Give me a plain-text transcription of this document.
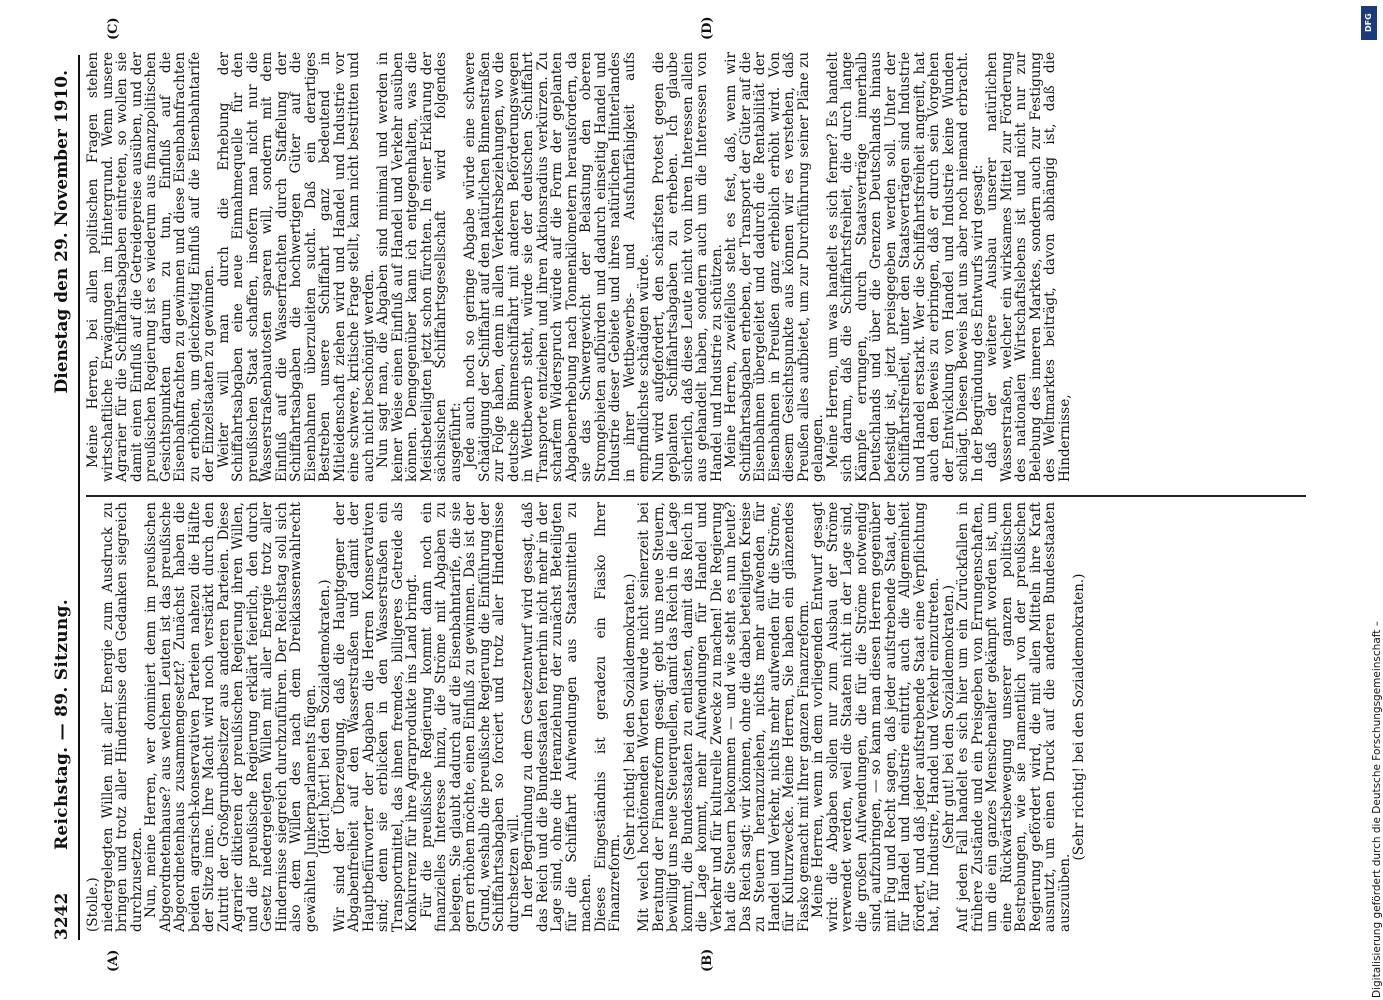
3242
Reichstag. — 89. Sitzung.
Dienstag den 29. November 1910.
(A)	(B)
(C)	(D)

(Stolle.)

niedergelegten Willen mit aller Energie zum Ausdruck zu bringen und trotz aller Hindernisse den Gedanken siegreich durchzusetzen.

Nun, meine Herren, wer dominiert denn im preußischen Abgeordnetenhause? aus welchen Leuten ist das preußische Abgeordnetenhaus zusammengesetzt? Zunächst haben die beiden agrarisch-konservativen Parteien nahezu die Hälfte der Sitze inne. Ihre Macht wird noch verstärkt durch den Zutritt der Großgrundbesitzer aus anderen Parteien. Diese Agrarier diktieren der preußischen Regierung ihren Willen, und die preußische Regierung erklärt feierlich, den durch Gesetz niedergelegten Willen mit aller Energie trotz aller Hindernisse siegreich durchzuführen. Der Reichstag soll sich also dem Willen des nach dem Dreiklassenwahlrecht gewählten Junkerparlaments fügen.

(Hört! hört! bei den Sozialdemokraten.)

Wir sind der Überzeugung, daß die Hauptgegner der Abgabenfreiheit auf den Wasserstraßen und damit der Hauptbefürworter der Abgaben die Herren Konservativen sind; denn sie erblicken in den Wasserstraßen ein Transportmittel, das ihnen fremdes, billigeres Getreide als Konkurrenz für ihre Agrarprodukte ins Land bringt.

Für die preußische Regierung kommt dann noch ein finanzielles Interesse hinzu, die Ströme mit Abgaben zu belegen. Sie glaubt dadurch auf die Eisenbahntarife, die sie gern erhöhen möchte, einen Einfluß zu gewinnen. Das ist der Grund, weshalb die preußische Regierung die Einführung der Schiffahrtsabgaben so forciert und trotz aller Hindernisse durchsetzen will.

In der Begründung zu dem Gesetzentwurf wird gesagt, daß das Reich und die Bundesstaaten fernerhin nicht mehr in der Lage sind, ohne die Heranziehung der zunächst Beteiligten für die Schiffahrt Aufwendungen aus Staatsmitteln zu machen.

Dieses Eingeständnis ist geradezu ein Fiasko Ihrer Finanzreform.

(Sehr richtig! bei den Sozialdemokraten.)

Mit welch hochtönenden Worten wurde nicht seinerzeit bei Beratung der Finanzreform gesagt: gebt uns neue Steuern, bewilligt uns neue Steuerquellen, damit das Reich in die Lage kommt, die Bundesstaaten zu entlasten, damit das Reich in die Lage kommt, mehr Aufwendungen für Handel und Verkehr und für kulturelle Zwecke zu machen! Die Regierung hat die Steuern bekommen — und wie steht es nun heute? Das Reich sagt: wir können, ohne die dabei beteiligten Kreise zu Steuern heranzuziehen, nichts mehr aufwenden für Handel und Verkehr, nichts mehr aufwenden für die Ströme, für Kulturzwecke. Meine Herren, Sie haben ein glänzendes Fiasko gemacht mit Ihrer ganzen Finanzreform.

Meine Herren, wenn in dem vorliegenden Entwurf gesagt wird: die Abgaben sollen nur zum Ausbau der Ströme verwendet werden, weil die Staaten nicht in der Lage sind, die großen Aufwendungen, die für die Ströme notwendig sind, aufzubringen, — so kann man diesen Herren gegenüber mit Fug und Recht sagen, daß jeder aufstrebende Staat, der für Handel und Industrie eintritt, auch die Allgemeinheit fördert, und daß jeder aufstrebende Staat eine Verpflichtung hat, für Industrie, Handel und Verkehr einzutreten.

(Sehr gut! bei den Sozialdemokraten.)

Auf jeden Fall handelt es sich hier um ein Zurückfallen in frühere Zustände und ein Preisgeben von Errungenschaften, um die ein ganzes Menschenalter gekämpft worden ist, um eine Rückwärtsbewegung unserer ganzen politischen Bestrebungen, wie sie namentlich von der preußischen Regierung gefördert wird, die mit allen Mitteln ihre Kraft ausnutzt, um einen Druck auf die anderen Bundesstaaten auszuüben.

(Sehr richtig! bei den Sozialdemokraten.)

Meine Herren, bei allen politischen Fragen stehen wirtschaftliche Erwägungen im Hintergrund. Wenn unsere Agrarier für die Schiffahrtsabgaben eintreten, so wollen sie damit einen Einfluß auf die Getreidepreise ausüben, und der preußischen Regierung ist es wiederum aus finanzpolitischen Gesichtspunkten darum zu tun, Einfluß auf die Eisenbahnfrachten zu gewinnen und diese Eisenbahnfrachten zu erhöhen, um gleichzeitig Einfluß auf die Eisenbahntarife der Einzelstaaten zu gewinnen.

Weiter will man durch die Erhebung der Schiffahrtsabgaben eine neue Einnahmequelle für den preußischen Staat schaffen, insofern man nicht nur die Wasserstraßenbautosten sparen will, sondern mit dem Einfluß auf die Wasserfrachten durch Staffelung der Schiffahrtsabgaben die hochwertigen Güter auf die Eisenbahnen überzuleiten sucht. Daß ein derartiges Bestreben unsere Schiffahrt ganz bedeutend in Mitleidenschaft ziehen wird und Handel und Industrie vor eine schwere, kritische Frage stellt, kann nicht bestritten und auch nicht beschönigt werden.

Nun sagt man, die Abgaben sind minimal und werden in keiner Weise einen Einfluß auf Handel und Verkehr ausüben können. Demgegenüber kann ich entgegenhalten, was die Meistbeteiligten jetzt schon fürchten. In einer Erklärung der sächsischen Schiffahrtsgesellschaft wird folgendes ausgeführt:

Jede auch noch so geringe Abgabe würde eine schwere Schädigung der Schiffahrt auf den natürlichen Binnenstraßen zur Folge haben, denn in allen Verkehrsbeziehungen, wo die deutsche Binnenschiffahrt mit anderen Beförderungswegen in Wettbewerb steht, würde sie der deutschen Schiffahrt Transporte entziehen und ihren Aktionsradius verkürzen. Zu scharfem Widerspruch würde auf die Form der geplanten Abgabenerhebung nach Tonnenkilometern herausfordern, da sie das Schwergewicht der Belastung den oberen Stromgebieten aufbürden und dadurch einseitig Handel und Industrie dieser Gebiete und ihres natürlichen Hinterlandes in ihrer Wettbewerbs- und Ausfuhrfähigkeit aufs empfindlichste schädigen würde.

Nun wird aufgefordert, den schärfsten Protest gegen die geplanten Schiffahrtsabgaben zu erheben. Ich glaube sicherlich, daß diese Leute nicht von ihren Interessen allein aus gehandelt haben, sondern auch um die Interessen von Handel und Industrie zu schützen.

Meine Herren, zweifellos steht es fest, daß, wenn wir Schiffahrtsabgaben erheben, der Transport der Güter auf die Eisenbahnen übergeleitet und dadurch die Rentabilität der Eisenbahnen in Preußen ganz erheblich erhöht wird. Von diesem Gesichtspunkte aus können wir es verstehen, daß Preußen alles aufbietet, um zur Durchführung seiner Pläne zu gelangen.

Meine Herren, um was handelt es sich ferner? Es handelt sich darum, daß die Schiffahrtsfreiheit, die durch lange Kämpfe errungen, durch Staatsverträge innerhalb Deutschlands und über die Grenzen Deutschlands hinaus befestigt ist, jetzt preisgegeben werden soll. Unter der Schiffahrtsfreiheit, unter den Staatsverträgen sind Industrie und Handel erstarkt. Wer die Schiffahrtsfreiheit angreift, hat auch den Beweis zu erbringen, daß er durch sein Vorgehen der Entwicklung von Handel und Industrie keine Wunden schlägt. Diesen Beweis hat uns aber noch niemand erbracht. In der Begründung des Entwurfs wird gesagt:

daß der weitere Ausbau unserer natürlichen Wasserstraßen, welcher ein wirksames Mittel zur Förderung des nationalen Wirtschaftslebens ist und nicht nur zur Belebung des inneren Marktes, sondern auch zur Festigung des Weltmarktes beiträgt, davon abhängig ist, daß die Hindernisse,

DFG
Digitalisierung gefördert durch die Deutsche Forschungsgemeinschaft –
